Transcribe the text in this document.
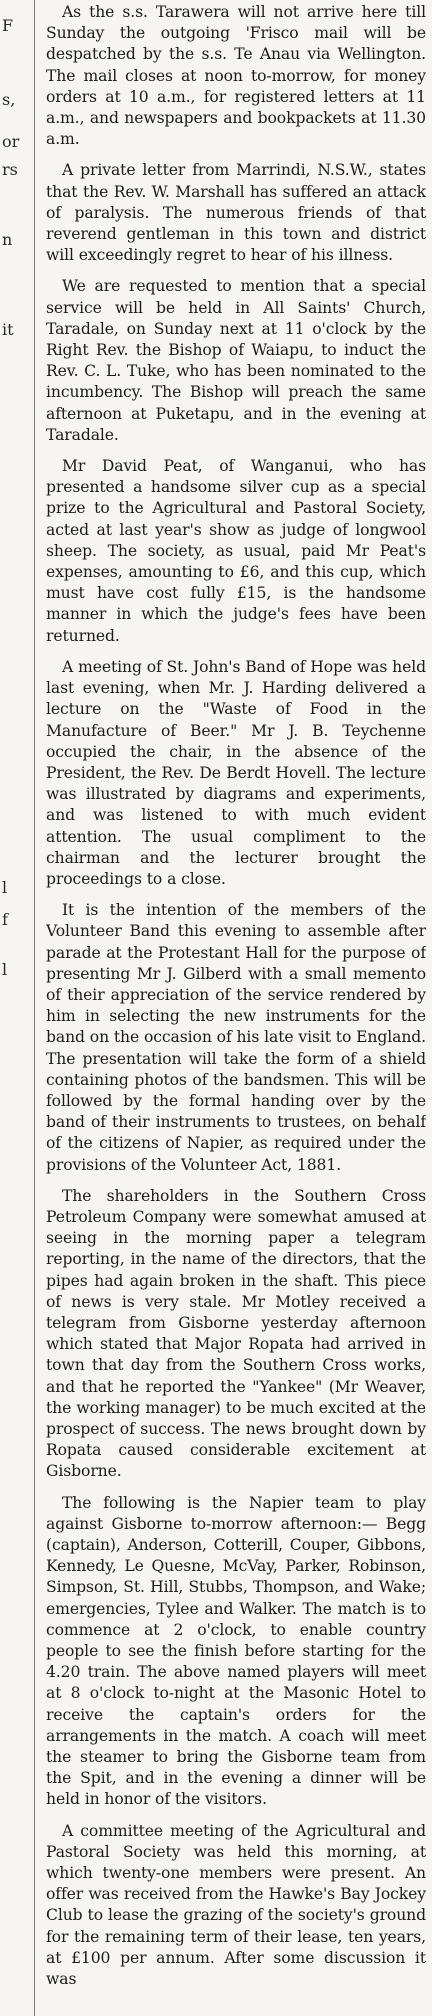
F
s,
or
rs
n
it
l
f
l

As the s.s. Tarawera will not arrive here till Sunday the outgoing 'Frisco mail will be despatched by the s.s. Te Anau via Wellington. The mail closes at noon to-morrow, for money orders at 10 a.m., for registered letters at 11 a.m., and newspapers and bookpackets at 11.30 a.m.

A private letter from Marrindi, N.S.W., states that the Rev. W. Marshall has suffered an attack of paralysis. The numerous friends of that reverend gentleman in this town and district will exceedingly regret to hear of his illness.

We are requested to mention that a special service will be held in All Saints' Church, Taradale, on Sunday next at 11 o'clock by the Right Rev. the Bishop of Waiapu, to induct the Rev. C. L. Tuke, who has been nominated to the incumbency. The Bishop will preach the same afternoon at Puketapu, and in the evening at Taradale.

Mr David Peat, of Wanganui, who has presented a handsome silver cup as a special prize to the Agricultural and Pastoral Society, acted at last year's show as judge of longwool sheep. The society, as usual, paid Mr Peat's expenses, amounting to £6, and this cup, which must have cost fully £15, is the handsome manner in which the judge's fees have been returned.

A meeting of St. John's Band of Hope was held last evening, when Mr. J. Harding delivered a lecture on the "Waste of Food in the Manufacture of Beer." Mr J. B. Teychenne occupied the chair, in the absence of the President, the Rev. De Berdt Hovell. The lecture was illustrated by diagrams and experiments, and was listened to with much evident attention. The usual compliment to the chairman and the lecturer brought the proceedings to a close.

It is the intention of the members of the Volunteer Band this evening to assemble after parade at the Protestant Hall for the purpose of presenting Mr J. Gilberd with a small memento of their appreciation of the service rendered by him in selecting the new instruments for the band on the occasion of his late visit to England. The presentation will take the form of a shield containing photos of the bandsmen. This will be followed by the formal handing over by the band of their instruments to trustees, on behalf of the citizens of Napier, as required under the provisions of the Volunteer Act, 1881.

The shareholders in the Southern Cross Petroleum Company were somewhat amused at seeing in the morning paper a telegram reporting, in the name of the directors, that the pipes had again broken in the shaft. This piece of news is very stale. Mr Motley received a telegram from Gisborne yesterday afternoon which stated that Major Ropata had arrived in town that day from the Southern Cross works, and that he reported the "Yankee" (Mr Weaver, the working manager) to be much excited at the prospect of success. The news brought down by Ropata caused considerable excitement at Gisborne.

The following is the Napier team to play against Gisborne to-morrow afternoon:— Begg (captain), Anderson, Cotterill, Couper, Gibbons, Kennedy, Le Quesne, McVay, Parker, Robinson, Simpson, St. Hill, Stubbs, Thompson, and Wake; emergencies, Tylee and Walker. The match is to commence at 2 o'clock, to enable country people to see the finish before starting for the 4.20 train. The above named players will meet at 8 o'clock to-night at the Masonic Hotel to receive the captain's orders for the arrangements in the match. A coach will meet the steamer to bring the Gisborne team from the Spit, and in the evening a dinner will be held in honor of the visitors.

A committee meeting of the Agricultural and Pastoral Society was held this morning, at which twenty-one members were present. An offer was received from the Hawke's Bay Jockey Club to lease the grazing of the society's ground for the remaining term of their lease, ten years, at £100 per annum. After some discussion it was
